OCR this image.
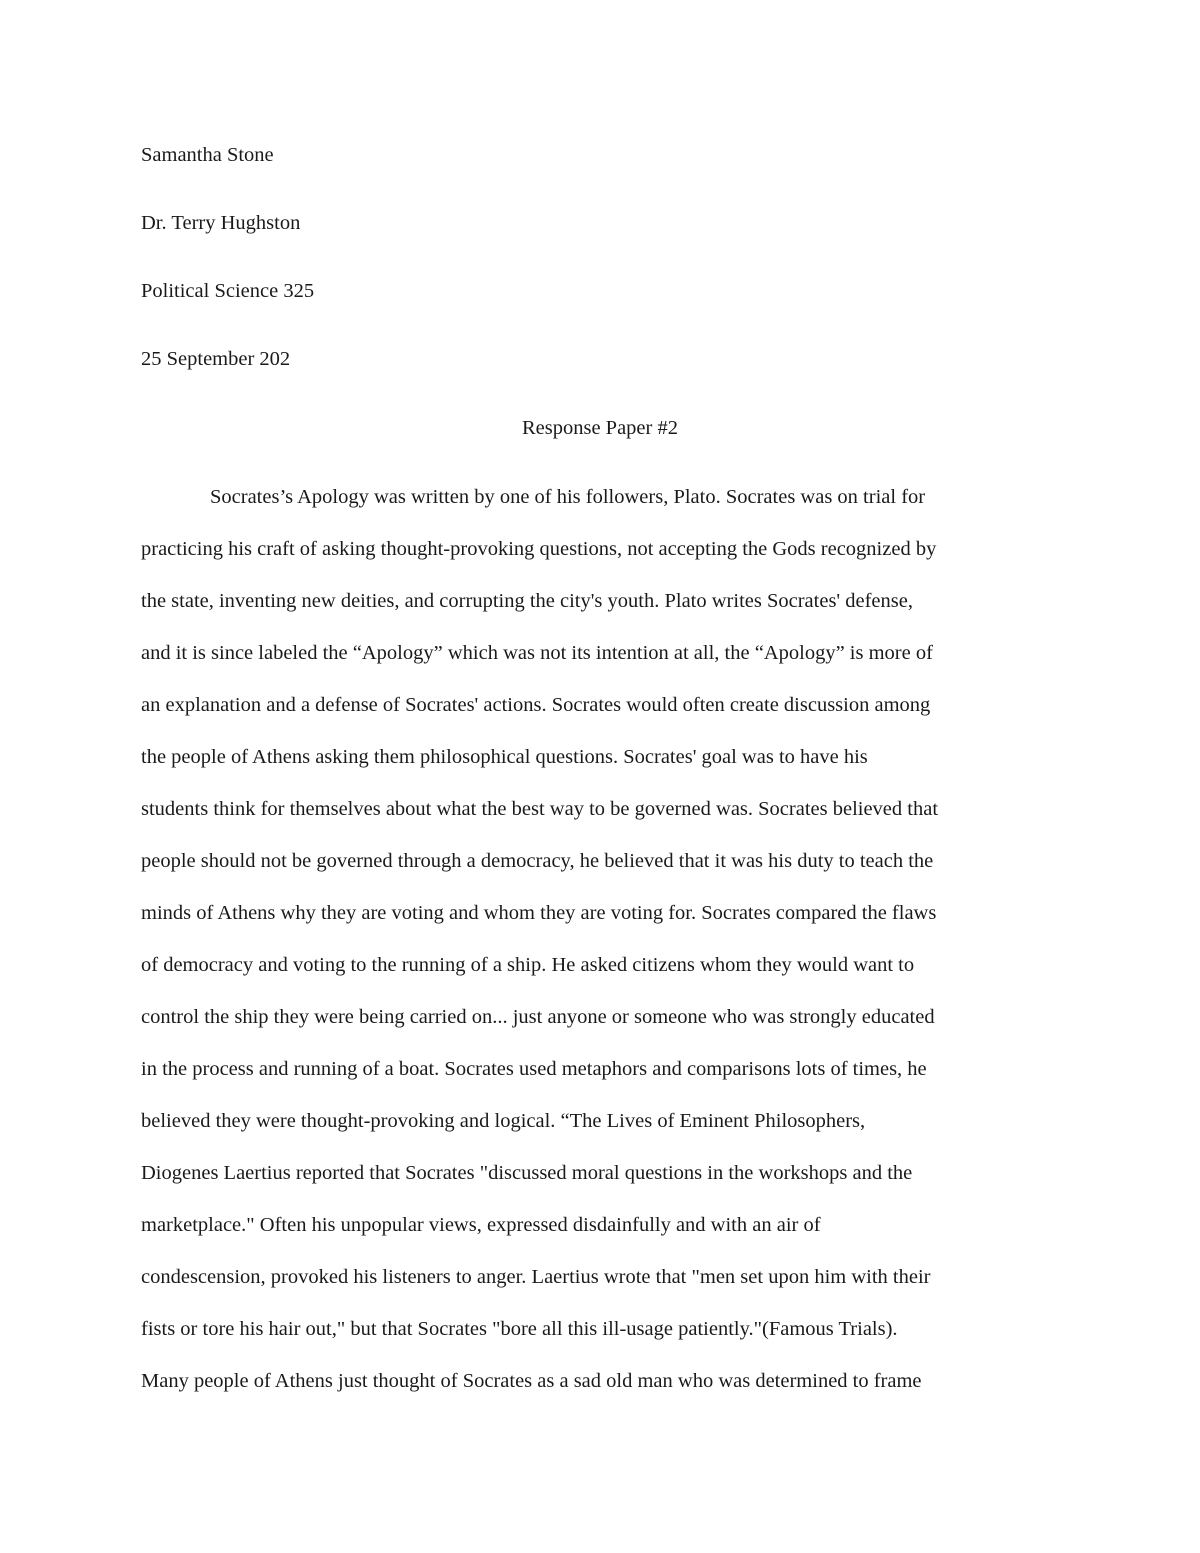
Samantha Stone
Dr. Terry Hughston
Political Science 325
25 September 202
Response Paper #2
Socrates’s Apology was written by one of his followers, Plato. Socrates was on trial for
practicing his craft of asking thought-provoking questions, not accepting the Gods recognized by
the state, inventing new deities, and corrupting the city's youth. Plato writes Socrates' defense,
and it is since labeled the “Apology” which was not its intention at all, the “Apology” is more of
an explanation and a defense of Socrates' actions. Socrates would often create discussion among
the people of Athens asking them philosophical questions. Socrates' goal was to have his
students think for themselves about what the best way to be governed was. Socrates believed that
people should not be governed through a democracy, he believed that it was his duty to teach the
minds of Athens why they are voting and whom they are voting for. Socrates compared the flaws
of democracy and voting to the running of a ship. He asked citizens whom they would want to
control the ship they were being carried on... just anyone or someone who was strongly educated
in the process and running of a boat. Socrates used metaphors and comparisons lots of times, he
believed they were thought-provoking and logical. “The Lives of Eminent Philosophers,
Diogenes Laertius reported that Socrates "discussed moral questions in the workshops and the
marketplace." Often his unpopular views, expressed disdainfully and with an air of
condescension, provoked his listeners to anger. Laertius wrote that "men set upon him with their
fists or tore his hair out," but that Socrates "bore all this ill-usage patiently."(Famous Trials).
Many people of Athens just thought of Socrates as a sad old man who was determined to frame
